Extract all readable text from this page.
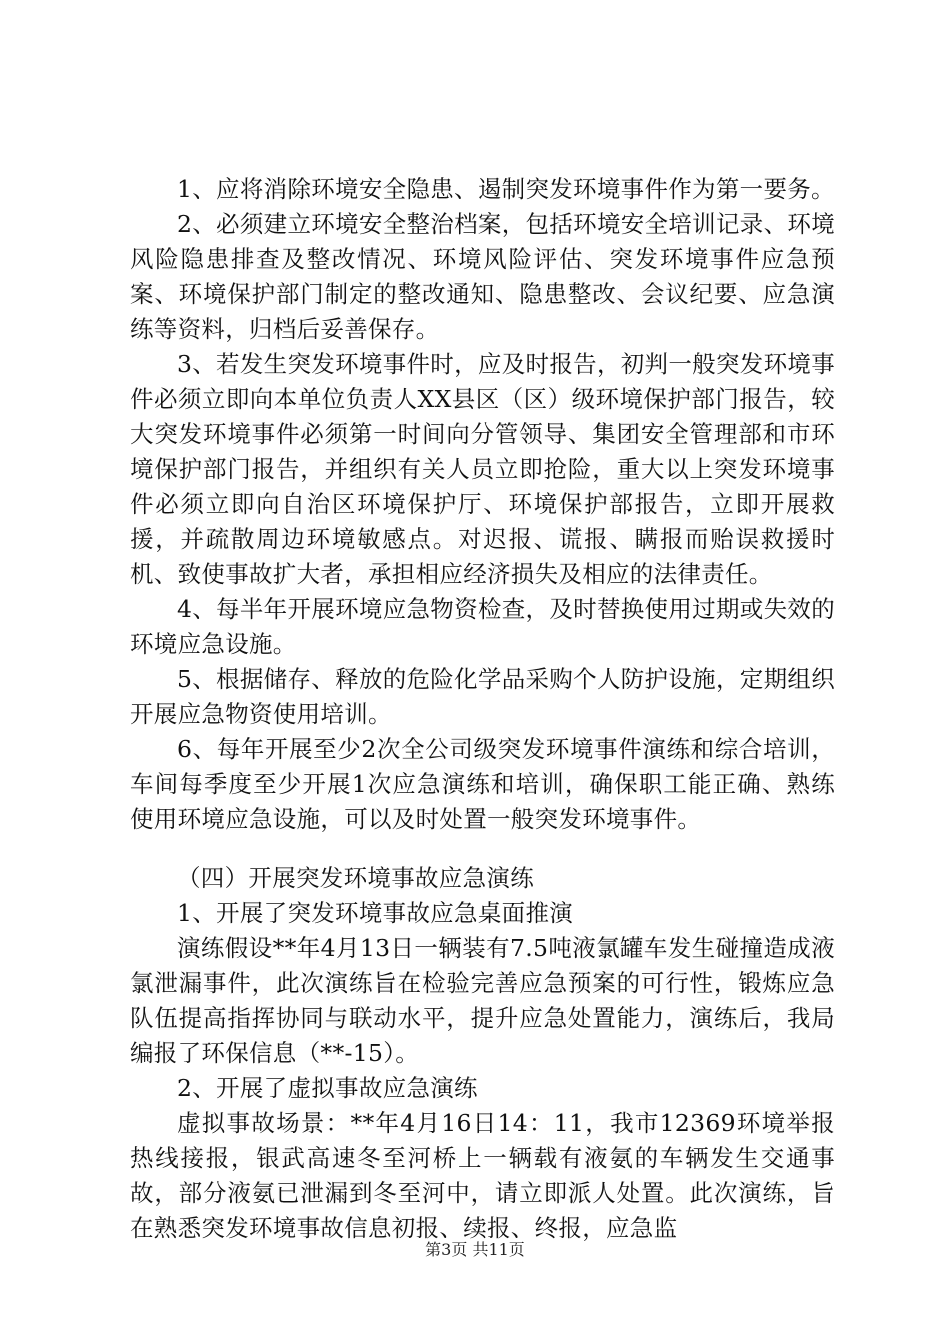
1、应将消除环境安全隐患、遏制突发环境事件作为第一要务。

2、必须建立环境安全整治档案，包括环境安全培训记录、环境风险隐患排查及整改情况、环境风险评估、突发环境事件应急预案、环境保护部门制定的整改通知、隐患整改、会议纪要、应急演练等资料，归档后妥善保存。

3、若发生突发环境事件时，应及时报告，初判一般突发环境事件必须立即向本单位负责人XX县区（区）级环境保护部门报告，较大突发环境事件必须第一时间向分管领导、集团安全管理部和市环境保护部门报告，并组织有关人员立即抢险，重大以上突发环境事件必须立即向自治区环境保护厅、环境保护部报告，立即开展救援，并疏散周边环境敏感点。对迟报、谎报、瞒报而贻误救援时机、致使事故扩大者，承担相应经济损失及相应的法律责任。

4、每半年开展环境应急物资检查，及时替换使用过期或失效的环境应急设施。

5、根据储存、释放的危险化学品采购个人防护设施，定期组织开展应急物资使用培训。

6、每年开展至少2次全公司级突发环境事件演练和综合培训，车间每季度至少开展1次应急演练和培训，确保职工能正确、熟练使用环境应急设施，可以及时处置一般突发环境事件。

（四）开展突发环境事故应急演练

1、开展了突发环境事故应急桌面推演

演练假设**年4月13日一辆装有7.5吨液氯罐车发生碰撞造成液氯泄漏事件，此次演练旨在检验完善应急预案的可行性，锻炼应急队伍提高指挥协同与联动水平，提升应急处置能力，演练后，我局编报了环保信息（**-15）。

2、开展了虚拟事故应急演练

虚拟事故场景：**年4月16日14：11，我市12369环境举报热线接报，银武高速冬至河桥上一辆载有液氨的车辆发生交通事故，部分液氨已泄漏到冬至河中，请立即派人处置。此次演练，旨在熟悉突发环境事故信息初报、续报、终报，应急监

第3页 共11页
